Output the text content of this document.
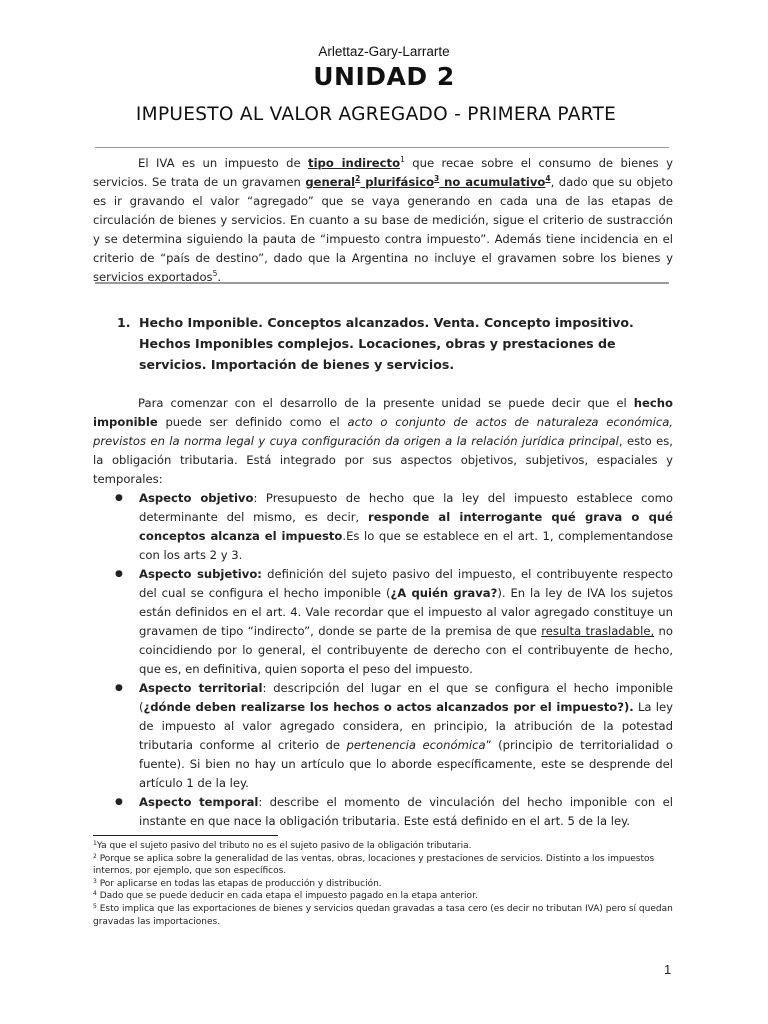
Arlettaz-Gary-Larrarte
UNIDAD 2
IMPUESTO AL VALOR AGREGADO - PRIMERA PARTE

El IVA es un impuesto de tipo indirecto$^1$ que recae sobre el consumo de bienes y servicios. Se trata de un gravamen general$^2$ plurifásico$^3$ no acumulativo$^4$, dado que su objeto es ir gravando el valor “agregado” que se vaya generando en cada una de las etapas de circulación de bienes y servicios. En cuanto a su base de medición, sigue el criterio de sustracción y se determina siguiendo la pauta de “impuesto contra impuesto”. Además tiene incidencia en el criterio de “país de destino”, dado que la Argentina no incluye el gravamen sobre los bienes y servicios exportados$^5$.

1. Hecho Imponible. Conceptos alcanzados. Venta. Concepto impositivo. Hechos Imponibles complejos. Locaciones, obras y prestaciones de servicios. Importación de bienes y servicios.

Para comenzar con el desarrollo de la presente unidad se puede decir que el hecho imponible puede ser definido como el acto o conjunto de actos de naturaleza económica, previstos en la norma legal y cuya configuración da origen a la relación jurídica principal, esto es, la obligación tributaria. Está integrado por sus aspectos objetivos, subjetivos, espaciales y temporales:

● Aspecto objetivo: Presupuesto de hecho que la ley del impuesto establece como determinante del mismo, es decir, responde al interrogante qué grava o qué conceptos alcanza el impuesto.Es lo que se establece en el art. 1, complementandose con los arts 2 y 3.
● Aspecto subjetivo: definición del sujeto pasivo del impuesto, el contribuyente respecto del cual se configura el hecho imponible (¿A quién grava?). En la ley de IVA los sujetos están definidos en el art. 4. Vale recordar que el impuesto al valor agregado constituye un gravamen de tipo “indirecto”, donde se parte de la premisa de que resulta trasladable, no coincidiendo por lo general, el contribuyente de derecho con el contribuyente de hecho, que es, en definitiva, quien soporta el peso del impuesto.
● Aspecto territorial: descripción del lugar en el que se configura el hecho imponible (¿dónde deben realizarse los hechos o actos alcanzados por el impuesto?). La ley de impuesto al valor agregado considera, en principio, la atribución de la potestad tributaria conforme al criterio de pertenencia económica” (principio de territorialidad o fuente). Si bien no hay un artículo que lo aborde específicamente, este se desprende del artículo 1 de la ley.
● Aspecto temporal: describe el momento de vinculación del hecho imponible con el instante en que nace la obligación tributaria. Este está definido en el art. 5 de la ley.
$^1$Ya que el sujeto pasivo del tributo no es el sujeto pasivo de la obligación tributaria.
$^2$ Porque se aplica sobre la generalidad de las ventas, obras, locaciones y prestaciones de servicios. Distinto a los impuestos internos, por ejemplo, que son específicos.
$^3$ Por aplicarse en todas las etapas de producción y distribución.
$^4$ Dado que se puede deducir en cada etapa el impuesto pagado en la etapa anterior.
$^5$ Esto implica que las exportaciones de bienes y servicios quedan gravadas a tasa cero (es decir no tributan IVA) pero sí quedan gravadas las importaciones.
1
